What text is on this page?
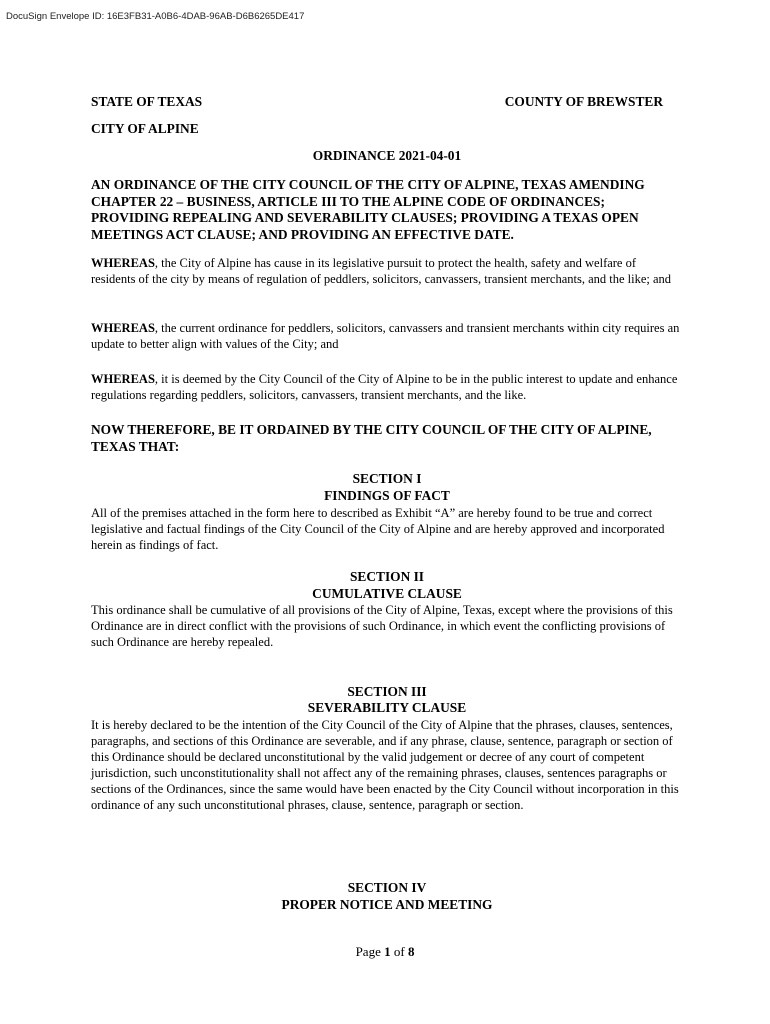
DocuSign Envelope ID: 16E3FB31-A0B6-4DAB-96AB-D6B6265DE417
STATE OF TEXAS	COUNTY OF BREWSTER
CITY OF ALPINE
ORDINANCE 2021-04-01
AN ORDINANCE OF THE CITY COUNCIL OF THE CITY OF ALPINE, TEXAS AMENDING CHAPTER 22 – BUSINESS, ARTICLE III TO THE ALPINE CODE OF ORDINANCES; PROVIDING REPEALING AND SEVERABILITY CLAUSES; PROVIDING A TEXAS OPEN MEETINGS ACT CLAUSE; AND PROVIDING AN EFFECTIVE DATE.

WHEREAS, the City of Alpine has cause in its legislative pursuit to protect the health, safety and welfare of residents of the city by means of regulation of peddlers, solicitors, canvassers, transient merchants, and the like; and

WHEREAS, the current ordinance for peddlers, solicitors, canvassers and transient merchants within city requires an update to better align with values of the City; and

WHEREAS, it is deemed by the City Council of the City of Alpine to be in the public interest to update and enhance regulations regarding peddlers, solicitors, canvassers, transient merchants, and the like.

NOW THEREFORE, BE IT ORDAINED BY THE CITY COUNCIL OF THE CITY OF ALPINE, TEXAS THAT:
SECTION I
FINDINGS OF FACT

All of the premises attached in the form here to described as Exhibit “A” are hereby found to be true and correct legislative and factual findings of the City Council of the City of Alpine and are hereby approved and incorporated herein as findings of fact.

SECTION II
CUMULATIVE CLAUSE

This ordinance shall be cumulative of all provisions of the City of Alpine, Texas, except where the provisions of this Ordinance are in direct conflict with the provisions of such Ordinance, in which event the conflicting provisions of such Ordinance are hereby repealed.

SECTION III
SEVERABILITY CLAUSE

It is hereby declared to be the intention of the City Council of the City of Alpine that the phrases, clauses, sentences, paragraphs, and sections of this Ordinance are severable, and if any phrase, clause, sentence, paragraph or section of this Ordinance should be declared unconstitutional by the valid judgement or decree of any court of competent jurisdiction, such unconstitutionality shall not affect any of the remaining phrases, clauses, sentences paragraphs or sections of the Ordinances, since the same would have been enacted by the City Council without incorporation in this ordinance of any such unconstitutional phrases, clause, sentence, paragraph or section.

SECTION IV
PROPER NOTICE AND MEETING
Page 1 of 8
